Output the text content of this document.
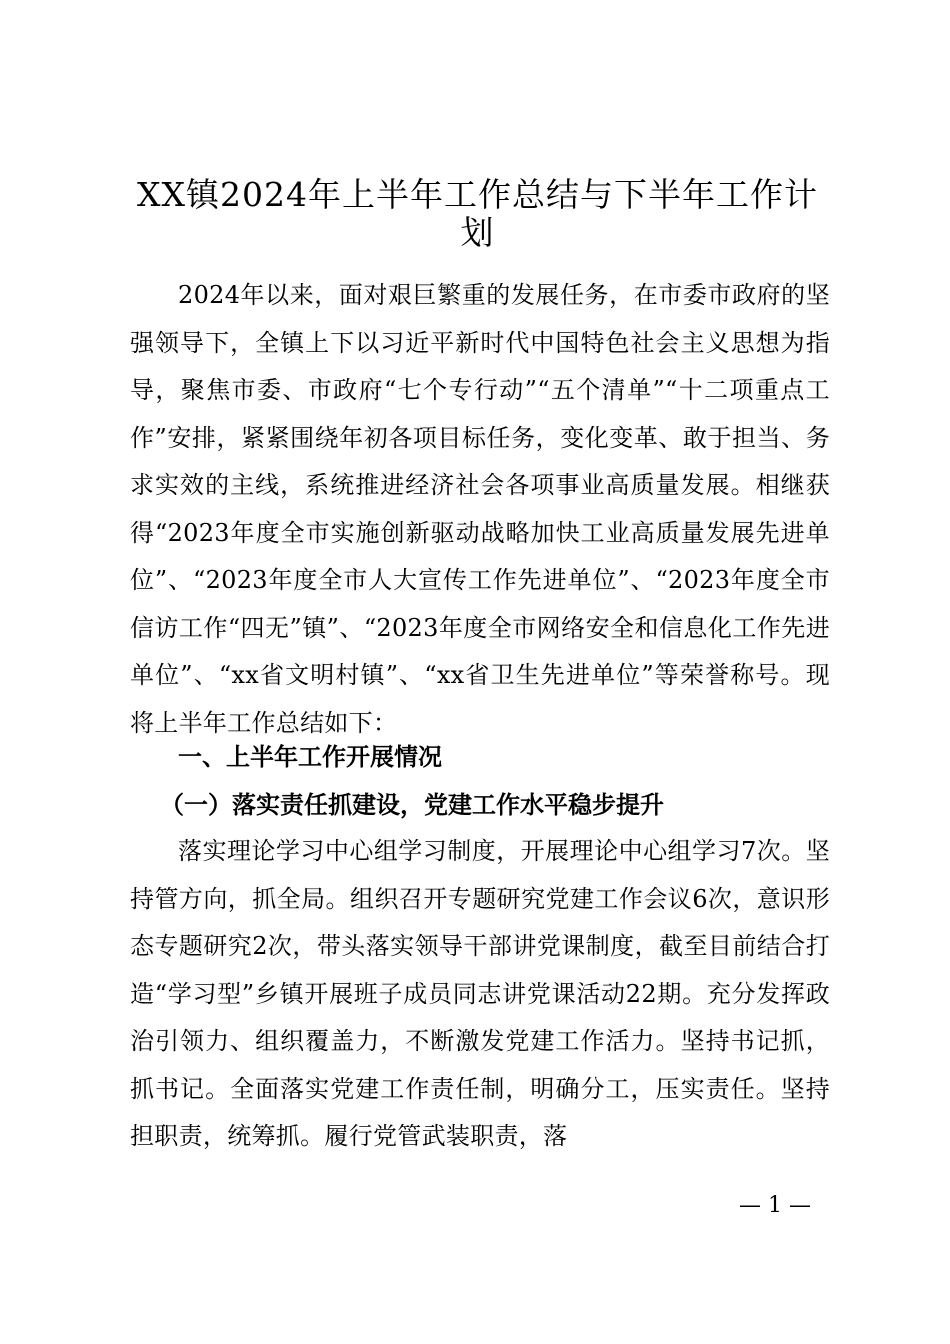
XX镇2024年上半年工作总结与下半年工作计划

2024年以来，面对艰巨繁重的发展任务，在市委市政府的坚强领导下，全镇上下以习近平新时代中国特色社会主义思想为指导，聚焦市委、市政府“七个专行动”“五个清单”“十二项重点工作”安排，紧紧围绕年初各项目标任务，变化变革、敢于担当、务求实效的主线，系统推进经济社会各项事业高质量发展。相继获得“2023年度全市实施创新驱动战略加快工业高质量发展先进单位”、“2023年度全市人大宣传工作先进单位”、“2023年度全市信访工作“四无”镇”、“2023年度全市网络安全和信息化工作先进单位”、“xx省文明村镇”、“xx省卫生先进单位”等荣誉称号。现将上半年工作总结如下：

一、上半年工作开展情况
（一）落实责任抓建设，党建工作水平稳步提升

落实理论学习中心组学习制度，开展理论中心组学习7次。坚持管方向，抓全局。组织召开专题研究党建工作会议6次，意识形态专题研究2次，带头落实领导干部讲党课制度，截至目前结合打造“学习型”乡镇开展班子成员同志讲党课活动22期。充分发挥政治引领力、组织覆盖力，不断激发党建工作活力。坚持书记抓，抓书记。全面落实党建工作责任制，明确分工，压实责任。坚持担职责，统筹抓。履行党管武装职责，落

— 1 —
